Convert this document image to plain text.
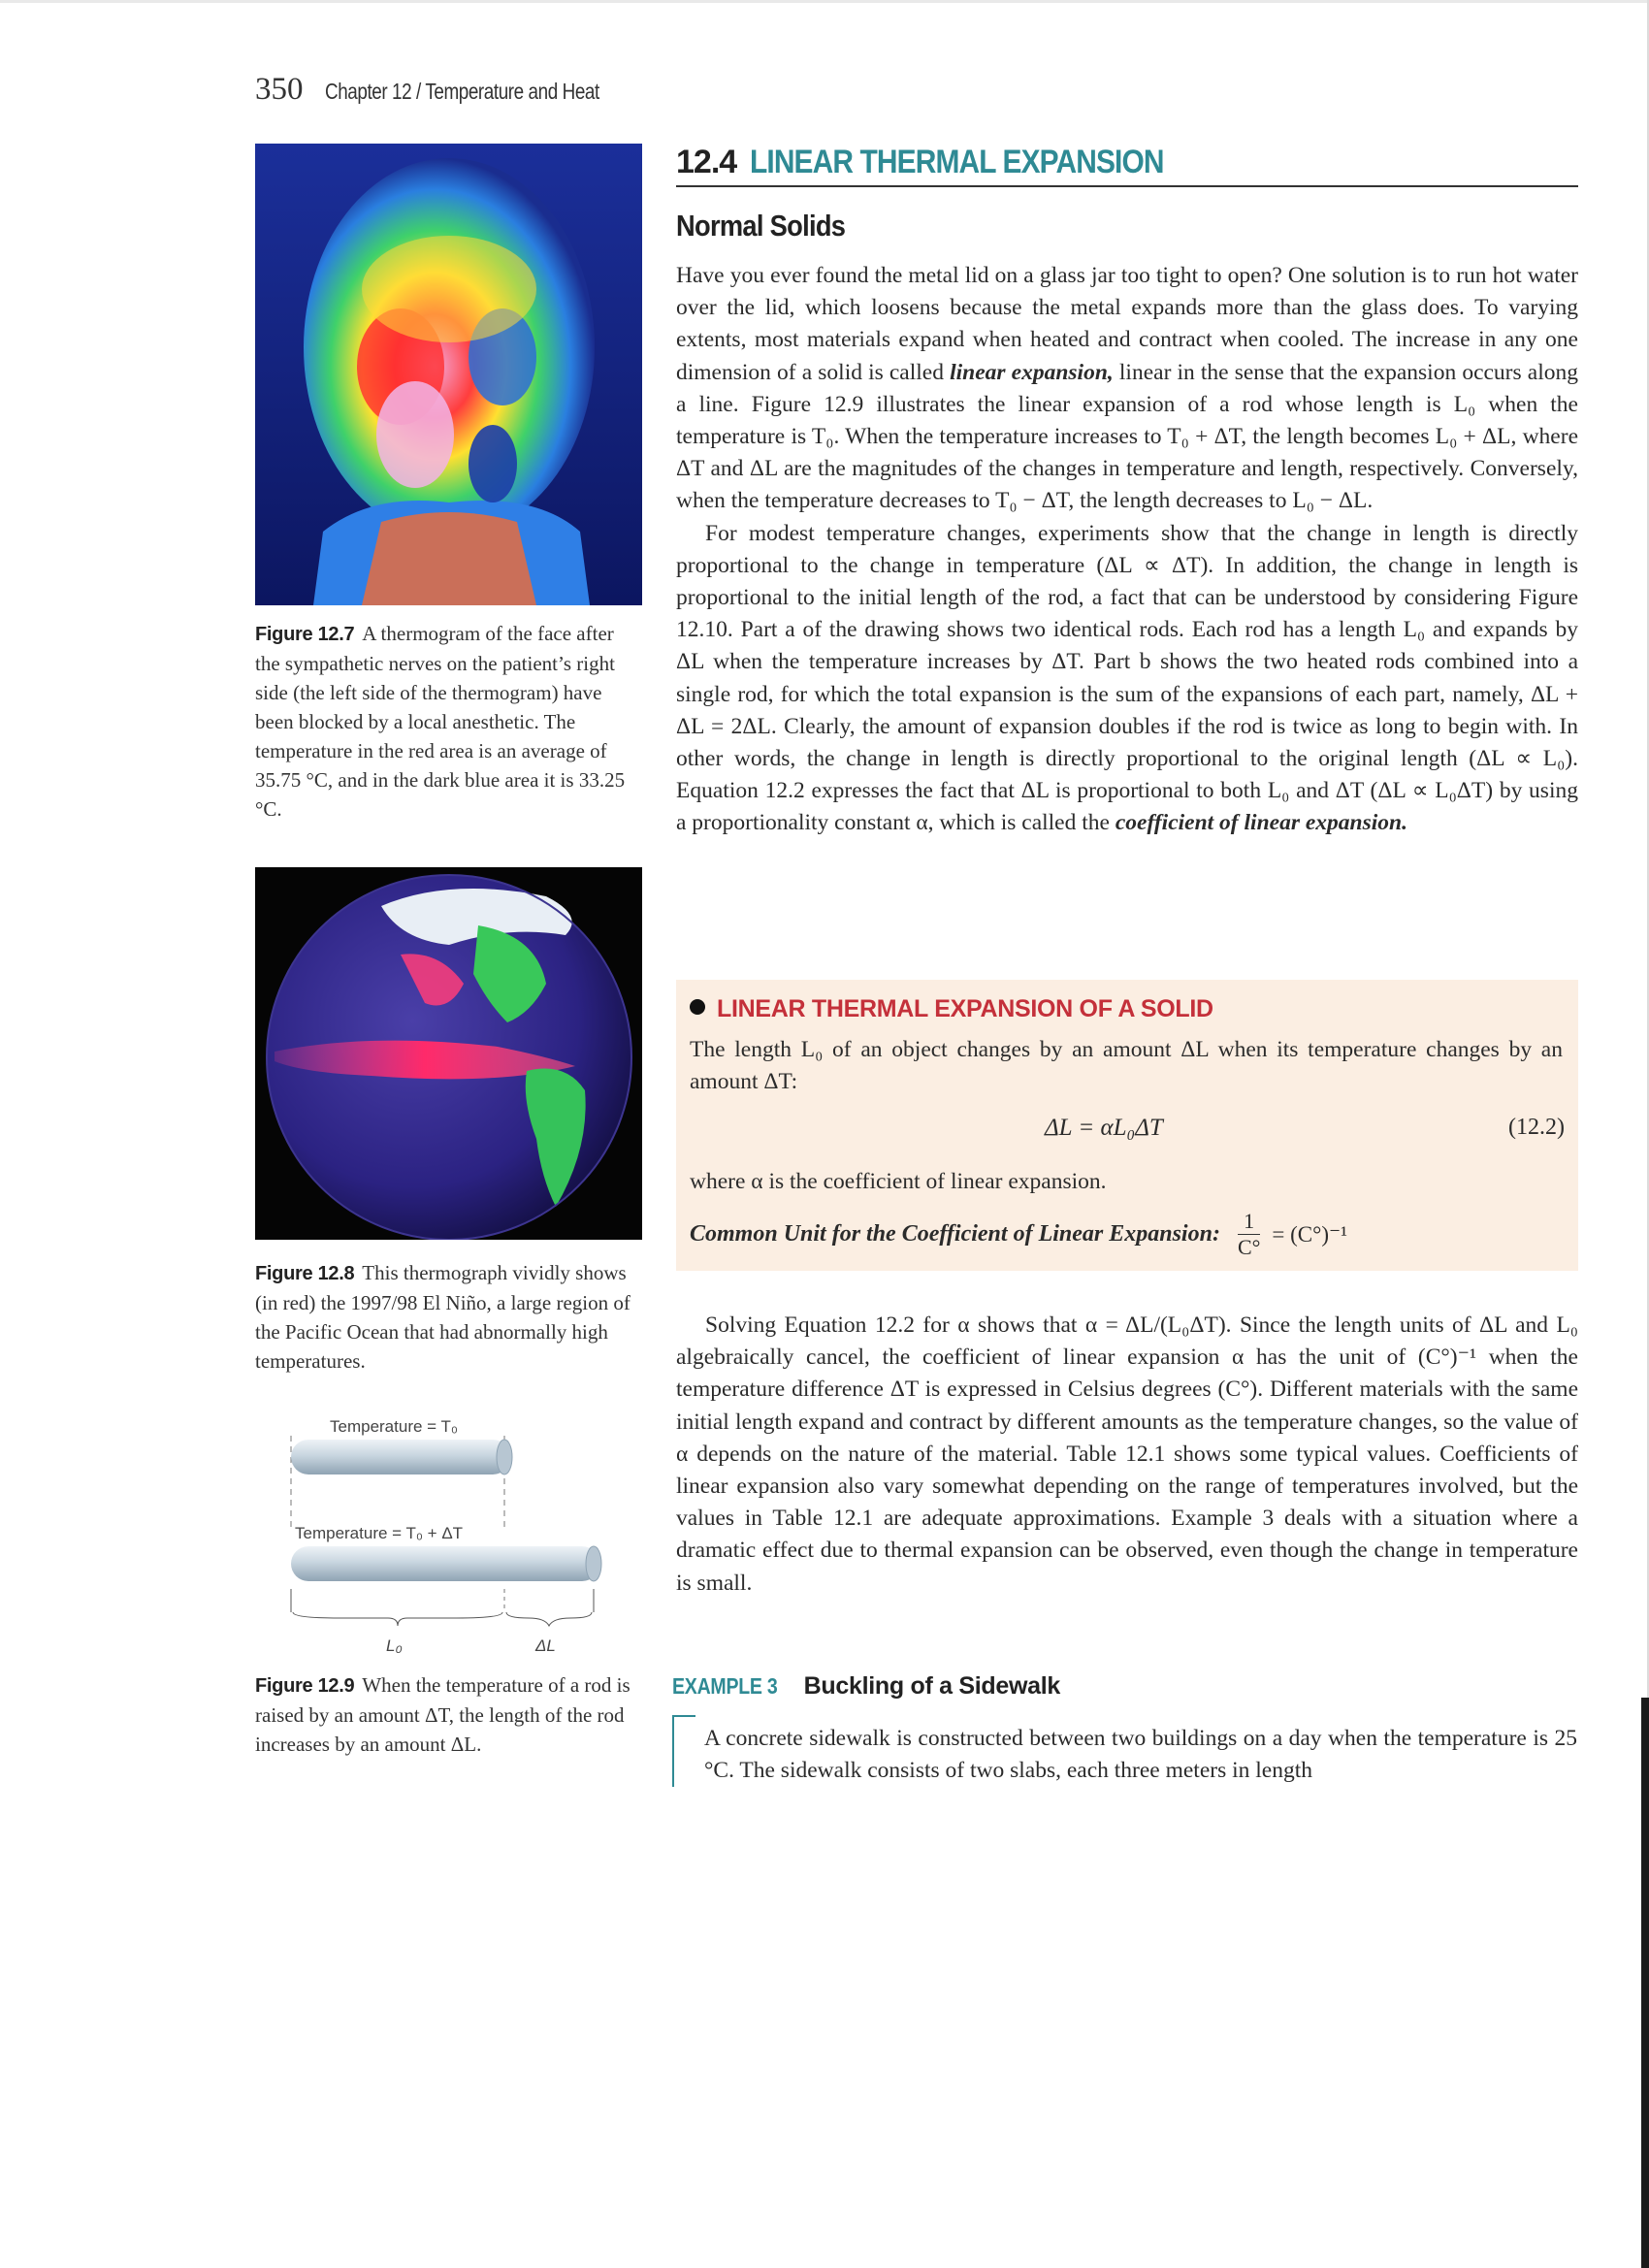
350 Chapter 12 / Temperature and Heat
Figure 12.7 A thermogram of the face after the sympathetic nerves on the patient’s right side (the left side of the thermogram) have been blocked by a local anesthetic. The temperature in the red area is an average of 35.75 °C, and in the dark blue area it is 33.25 °C.
Figure 12.8 This thermograph vividly shows (in red) the 1997/98 El Niño, a large region of the Pacific Ocean that had abnormally high temperatures.
Temperature = T₀
Temperature = T₀ + ΔT
L₀	ΔL
Figure 12.9 When the temperature of a rod is raised by an amount ΔT, the length of the rod increases by an amount ΔL.
12.4 LINEAR THERMAL EXPANSION
Normal Solids

Have you ever found the metal lid on a glass jar too tight to open? One solution is to run hot water over the lid, which loosens because the metal expands more than the glass does. To varying extents, most materials expand when heated and contract when cooled. The increase in any one dimension of a solid is called linear expansion, linear in the sense that the expansion occurs along a line. Figure 12.9 illustrates the linear expansion of a rod whose length is L₀ when the temperature is T₀. When the temperature increases to T₀ + ΔT, the length becomes L₀ + ΔL, where ΔT and ΔL are the magnitudes of the changes in temperature and length, respectively. Conversely, when the temperature decreases to T₀ − ΔT, the length decreases to L₀ − ΔL.

For modest temperature changes, experiments show that the change in length is directly proportional to the change in temperature (ΔL ∝ ΔT). In addition, the change in length is proportional to the initial length of the rod, a fact that can be understood by considering Figure 12.10. Part a of the drawing shows two identical rods. Each rod has a length L₀ and expands by ΔL when the temperature increases by ΔT. Part b shows the two heated rods combined into a single rod, for which the total expansion is the sum of the expansions of each part, namely, ΔL + ΔL = 2ΔL. Clearly, the amount of expansion doubles if the rod is twice as long to begin with. In other words, the change in length is directly proportional to the original length (ΔL ∝ L₀). Equation 12.2 expresses the fact that ΔL is proportional to both L₀ and ΔT (ΔL ∝ L₀ΔT) by using a proportionality constant α, which is called the coefficient of linear expansion.

LINEAR THERMAL EXPANSION OF A SOLID
The length L₀ of an object changes by an amount ΔL when its temperature changes by an amount ΔT:
ΔL = αL₀ΔT	(12.2)
where α is the coefficient of linear expansion.
Common Unit for the Coefficient of Linear Expansion: $\frac{1}{C^\circ} = (C^\circ)^{-1}$

Solving Equation 12.2 for α shows that α = ΔL/(L₀ΔT). Since the length units of ΔL and L₀ algebraically cancel, the coefficient of linear expansion α has the unit of (C°)⁻¹ when the temperature difference ΔT is expressed in Celsius degrees (C°). Different materials with the same initial length expand and contract by different amounts as the temperature changes, so the value of α depends on the nature of the material. Table 12.1 shows some typical values. Coefficients of linear expansion also vary somewhat depending on the range of temperatures involved, but the values in Table 12.1 are adequate approximations. Example 3 deals with a situation where a dramatic effect due to thermal expansion can be observed, even though the change in temperature is small.

EXAMPLE 3 Buckling of a Sidewalk
A concrete sidewalk is constructed between two buildings on a day when the temperature is 25 °C. The sidewalk consists of two slabs, each three meters in length
